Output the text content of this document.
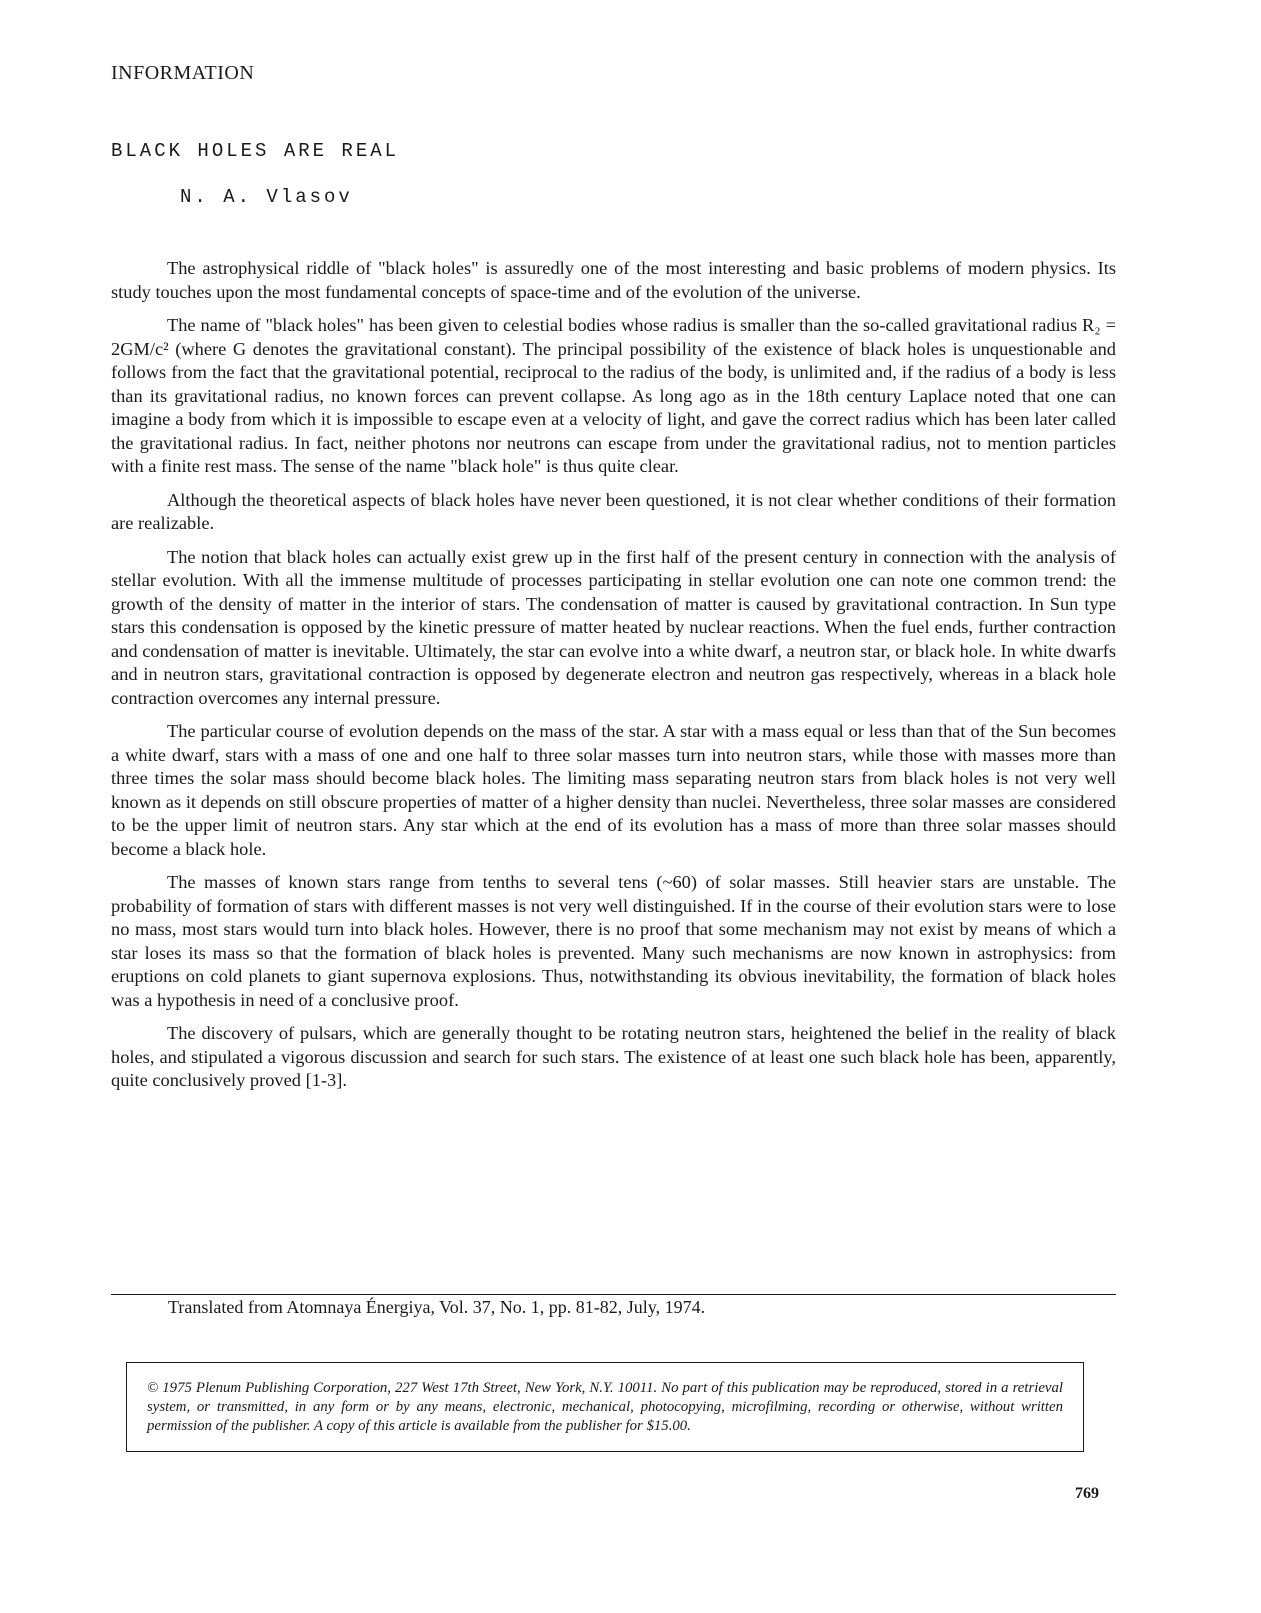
INFORMATION
BLACK HOLES ARE REAL
N. A. Vlasov

The astrophysical riddle of "black holes" is assuredly one of the most interesting and basic problems of modern physics. Its study touches upon the most fundamental concepts of space-time and of the evolution of the universe.

The name of "black holes" has been given to celestial bodies whose radius is smaller than the so-called gravitational radius R₂ = 2GM/c² (where G denotes the gravitational constant). The principal possibility of the existence of black holes is unquestionable and follows from the fact that the gravitational potential, reciprocal to the radius of the body, is unlimited and, if the radius of a body is less than its gravitational radius, no known forces can prevent collapse. As long ago as in the 18th century Laplace noted that one can imagine a body from which it is impossible to escape even at a velocity of light, and gave the correct radius which has been later called the gravitational radius. In fact, neither photons nor neutrons can escape from under the gravitational radius, not to mention particles with a finite rest mass. The sense of the name "black hole" is thus quite clear.

Although the theoretical aspects of black holes have never been questioned, it is not clear whether conditions of their formation are realizable.

The notion that black holes can actually exist grew up in the first half of the present century in connection with the analysis of stellar evolution. With all the immense multitude of processes participating in stellar evolution one can note one common trend: the growth of the density of matter in the interior of stars. The condensation of matter is caused by gravitational contraction. In Sun type stars this condensation is opposed by the kinetic pressure of matter heated by nuclear reactions. When the fuel ends, further contraction and condensation of matter is inevitable. Ultimately, the star can evolve into a white dwarf, a neutron star, or black hole. In white dwarfs and in neutron stars, gravitational contraction is opposed by degenerate electron and neutron gas respectively, whereas in a black hole contraction overcomes any internal pressure.

The particular course of evolution depends on the mass of the star. A star with a mass equal or less than that of the Sun becomes a white dwarf, stars with a mass of one and one half to three solar masses turn into neutron stars, while those with masses more than three times the solar mass should become black holes. The limiting mass separating neutron stars from black holes is not very well known as it depends on still obscure properties of matter of a higher density than nuclei. Nevertheless, three solar masses are considered to be the upper limit of neutron stars. Any star which at the end of its evolution has a mass of more than three solar masses should become a black hole.

The masses of known stars range from tenths to several tens (~60) of solar masses. Still heavier stars are unstable. The probability of formation of stars with different masses is not very well distinguished. If in the course of their evolution stars were to lose no mass, most stars would turn into black holes. However, there is no proof that some mechanism may not exist by means of which a star loses its mass so that the formation of black holes is prevented. Many such mechanisms are now known in astrophysics: from eruptions on cold planets to giant supernova explosions. Thus, notwithstanding its obvious inevitability, the formation of black holes was a hypothesis in need of a conclusive proof.

The discovery of pulsars, which are generally thought to be rotating neutron stars, heightened the belief in the reality of black holes, and stipulated a vigorous discussion and search for such stars. The existence of at least one such black hole has been, apparently, quite conclusively proved [1-3].

Translated from Atomnaya Énergiya, Vol. 37, No. 1, pp. 81-82, July, 1974.

© 1975 Plenum Publishing Corporation, 227 West 17th Street, New York, N.Y. 10011. No part of this publication may be reproduced, stored in a retrieval system, or transmitted, in any form or by any means, electronic, mechanical, photocopying, microfilming, recording or otherwise, without written permission of the publisher. A copy of this article is available from the publisher for $15.00.

769
